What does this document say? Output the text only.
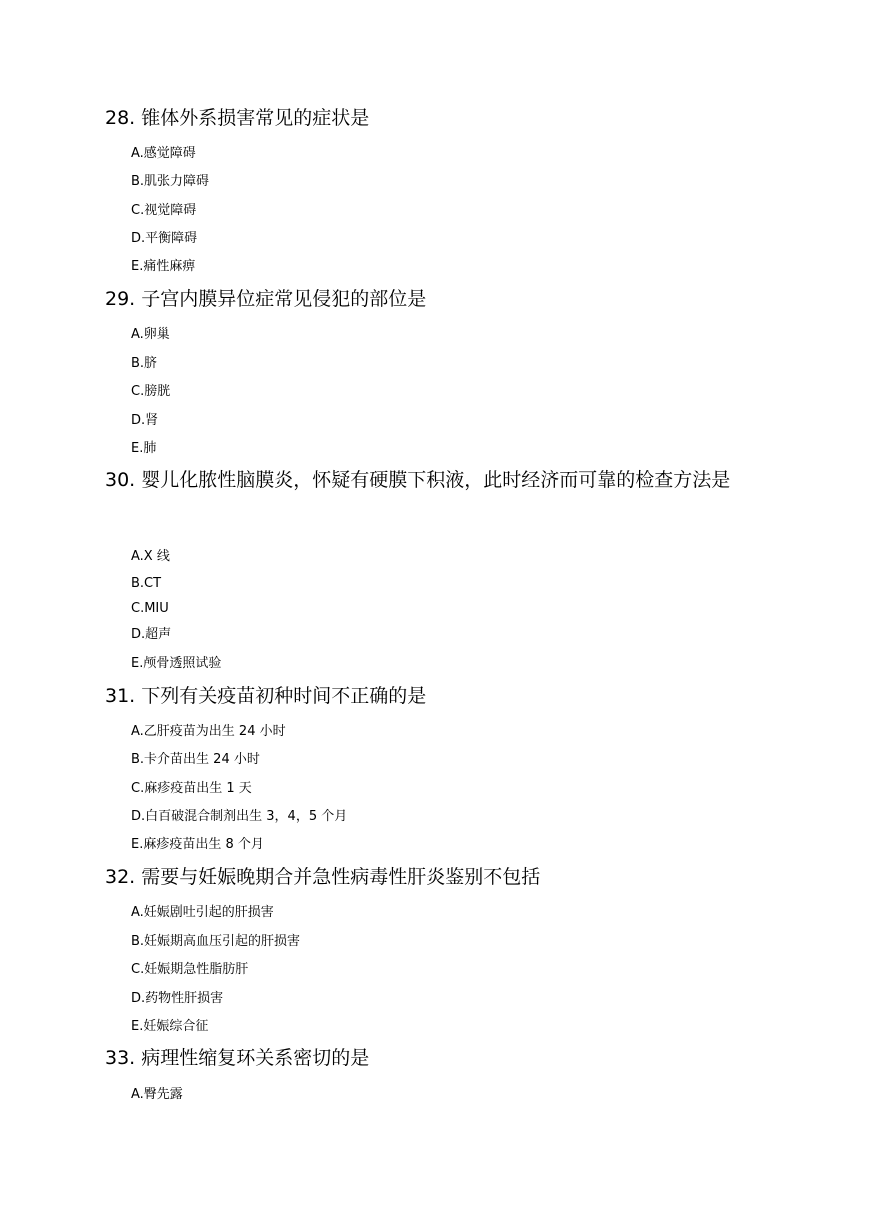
28. 锥体外系损害常见的症状是
A.感觉障碍
B.肌张力障碍
C.视觉障碍
D.平衡障碍
E.痛性麻痹
29. 子宫内膜异位症常见侵犯的部位是
A.卵巢
B.脐
C.膀胱
D.肾
E.肺
30. 婴儿化脓性脑膜炎，怀疑有硬膜下积液，此时经济而可靠的检查方法是
A.X 线
B.CT
C.MIU
D.超声
E.颅骨透照试验
31. 下列有关疫苗初种时间不正确的是
A.乙肝疫苗为出生 24 小时
B.卡介苗出生 24 小时
C.麻疹疫苗出生 1 天
D.白百破混合制剂出生 3，4，5 个月
E.麻疹疫苗出生 8 个月
32. 需要与妊娠晚期合并急性病毒性肝炎鉴别不包括
A.妊娠剧吐引起的肝损害
B.妊娠期高血压引起的肝损害
C.妊娠期急性脂肪肝
D.药物性肝损害
E.妊娠综合征
33. 病理性缩复环关系密切的是
A.臀先露
